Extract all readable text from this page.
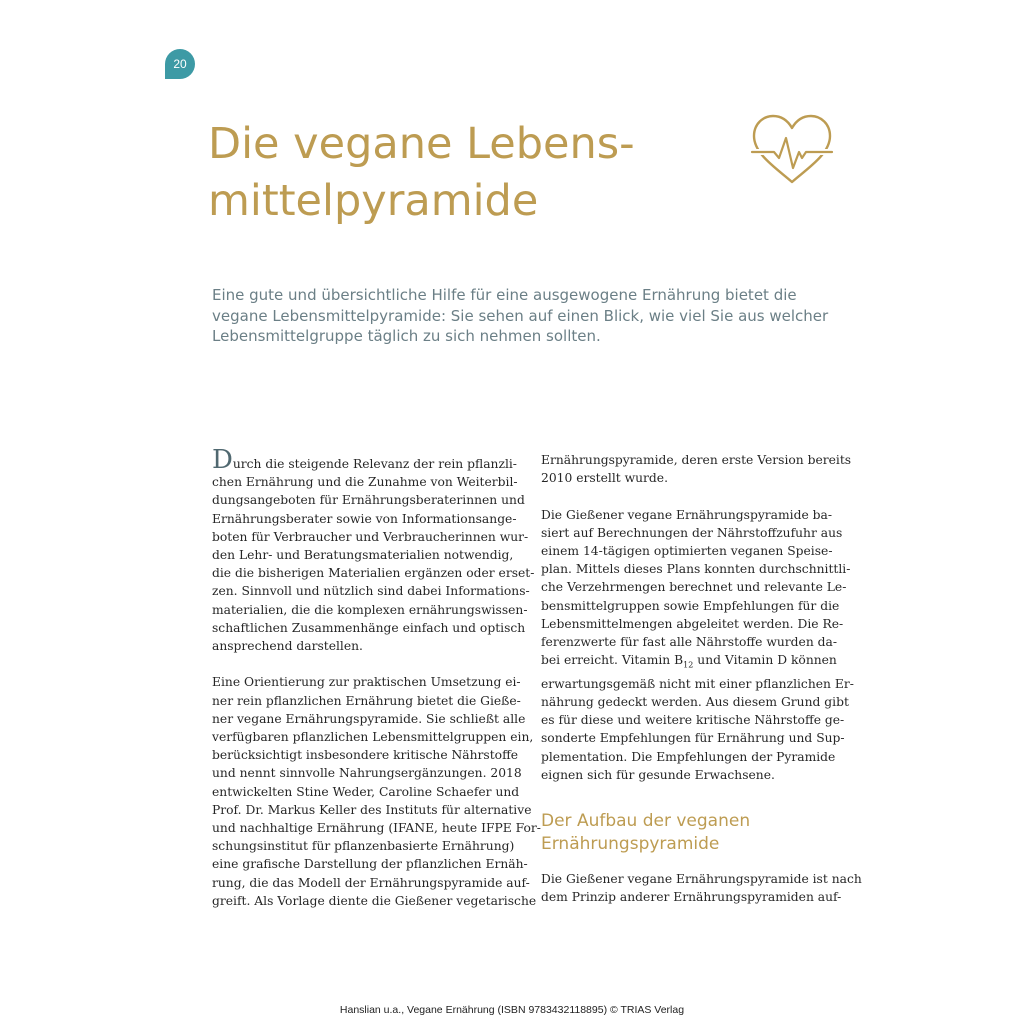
20
Die vegane Lebens-
mittelpyramide

Eine gute und übersichtliche Hilfe für eine ausgewogene Ernährung bietet die
vegane Lebensmittelpyramide: Sie sehen auf einen Blick, wie viel Sie aus welcher
Lebensmittelgruppe täglich zu sich nehmen sollten.

Durch die steigende Relevanz der rein pflanzli-
chen Ernährung und die Zunahme von Weiterbil-
dungsangeboten für Ernährungsberaterinnen und
Ernährungsberater sowie von Informationsange-
boten für Verbraucher und Verbraucherinnen wur-
den Lehr- und Beratungsmaterialien notwendig,
die die bisherigen Materialien ergänzen oder erset-
zen. Sinnvoll und nützlich sind dabei Informations-
materialien, die die komplexen ernährungswissen-
schaftlichen Zusammenhänge einfach und optisch
ansprechend darstellen.
Eine Orientierung zur praktischen Umsetzung ei-
ner rein pflanzlichen Ernährung bietet die Gieße-
ner vegane Ernährungspyramide. Sie schließt alle
verfügbaren pflanzlichen Lebensmittelgruppen ein,
berücksichtigt insbesondere kritische Nährstoffe
und nennt sinnvolle Nahrungsergänzungen. 2018
entwickelten Stine Weder, Caroline Schaefer und
Prof. Dr. Markus Keller des Instituts für alternative
und nachhaltige Ernährung (IFANE, heute IFPE For-
schungsinstitut für pflanzenbasierte Ernährung)
eine grafische Darstellung der pflanzlichen Ernäh-
rung, die das Modell der Ernährungspyramide auf-
greift. Als Vorlage diente die Gießener vegetarische
Ernährungspyramide, deren erste Version bereits
2010 erstellt wurde.
Die Gießener vegane Ernährungspyramide ba-
siert auf Berechnungen der Nährstoffzufuhr aus
einem 14-tägigen optimierten veganen Speise-
plan. Mittels dieses Plans konnten durchschnittli-
che Verzehrmengen berechnet und relevante Le-
bensmittelgruppen sowie Empfehlungen für die
Lebensmittelmengen abgeleitet werden. Die Re-
ferenzwerte für fast alle Nährstoffe wurden da-
bei erreicht. Vitamin $B_{12}$ und Vitamin D können
erwartungsgemäß nicht mit einer pflanzlichen Er-
nährung gedeckt werden. Aus diesem Grund gibt
es für diese und weitere kritische Nährstoffe ge-
sonderte Empfehlungen für Ernährung und Sup-
plementation. Die Empfehlungen der Pyramide
eignen sich für gesunde Erwachsene.
Der Aufbau der veganen
Ernährungspyramide
Die Gießener vegane Ernährungspyramide ist nach
dem Prinzip anderer Ernährungspyramiden auf-
Hanslian u.a., Vegane Ernährung (ISBN 9783432118895) © TRIAS Verlag
